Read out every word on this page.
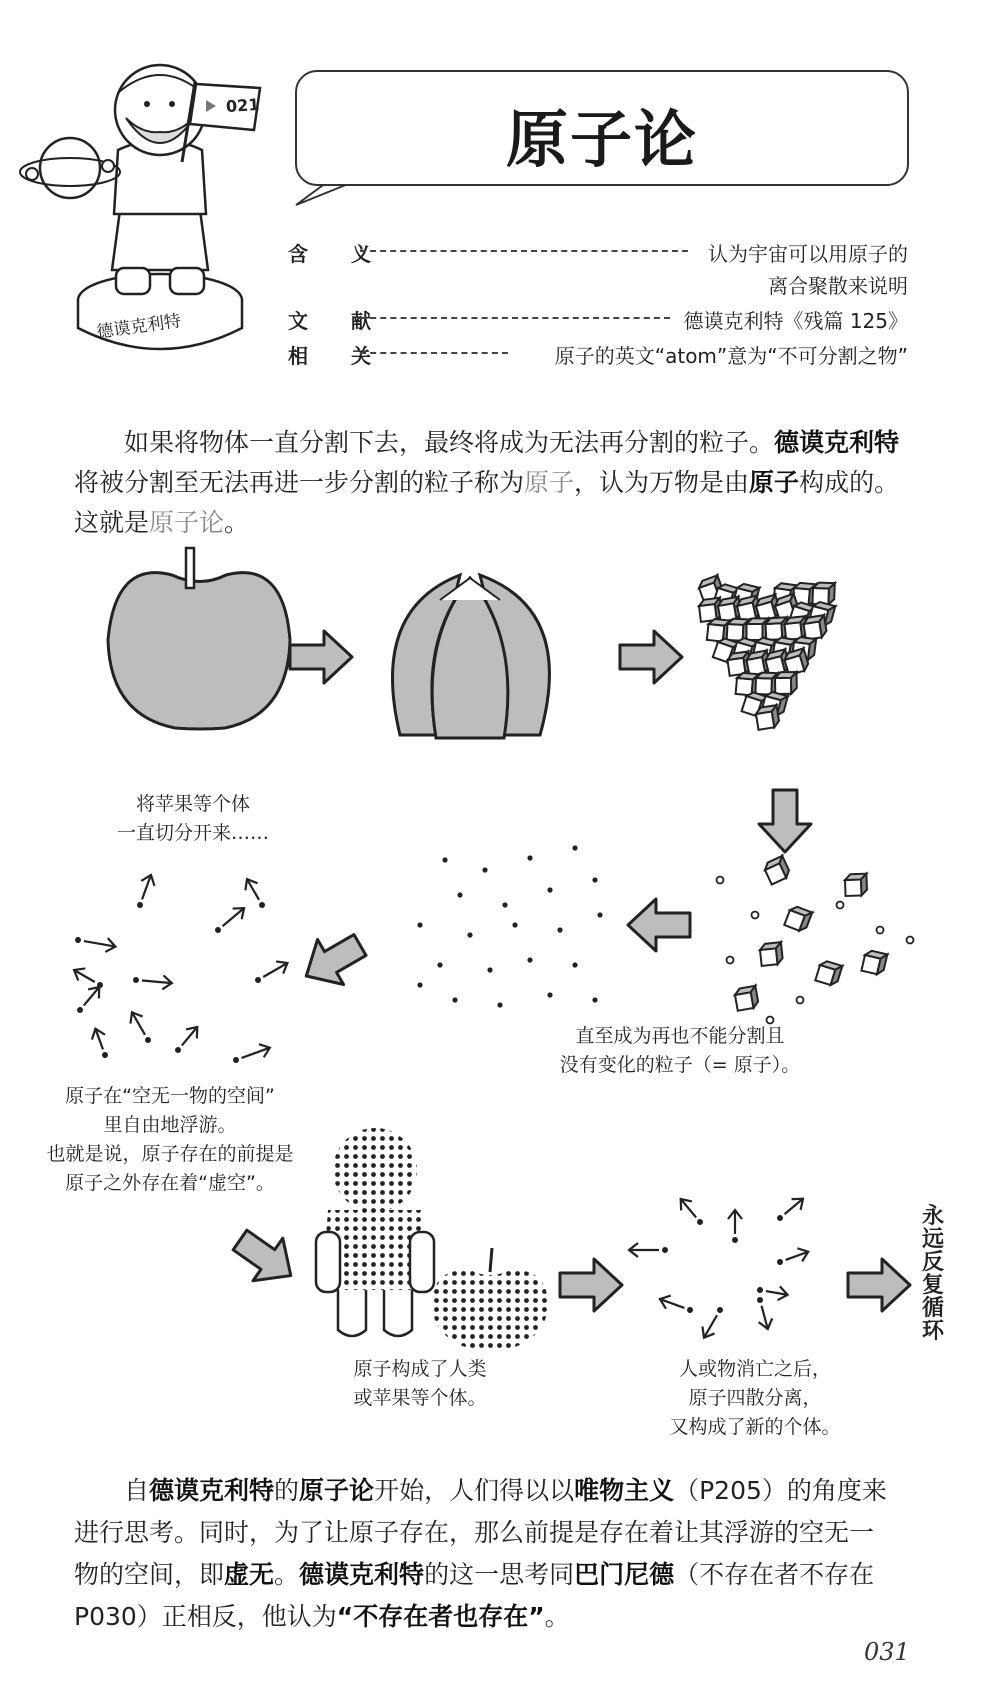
021
德谟克利特
原子论
含 义	认为宇宙可以用原子的
离合聚散来说明
文 献	德谟克利特《残篇 125》
相 关	原子的英文“atom”意为“不可分割之物”
如果将物体一直分割下去，最终将成为无法再分割的粒子。德谟克利特
将被分割至无法再进一步分割的粒子称为原子，认为万物是由原子构成的。
这就是原子论。
将苹果等个体
一直切分开来……
直至成为再也不能分割且
没有变化的粒子（= 原子）。
原子在“空无一物的空间”
里自由地浮游。
也就是说，原子存在的前提是
原子之外存在着“虚空”。
原子构成了人类
或苹果等个体。
人或物消亡之后，
原子四散分离，
又构成了新的个体。
永远反复循环
自德谟克利特的原子论开始，人们得以以唯物主义（P205）的角度来
进行思考。同时，为了让原子存在，那么前提是存在着让其浮游的空无一
物的空间，即虚无。德谟克利特的这一思考同巴门尼德（不存在者不存在
P030）正相反，他认为“不存在者也存在”。
031
